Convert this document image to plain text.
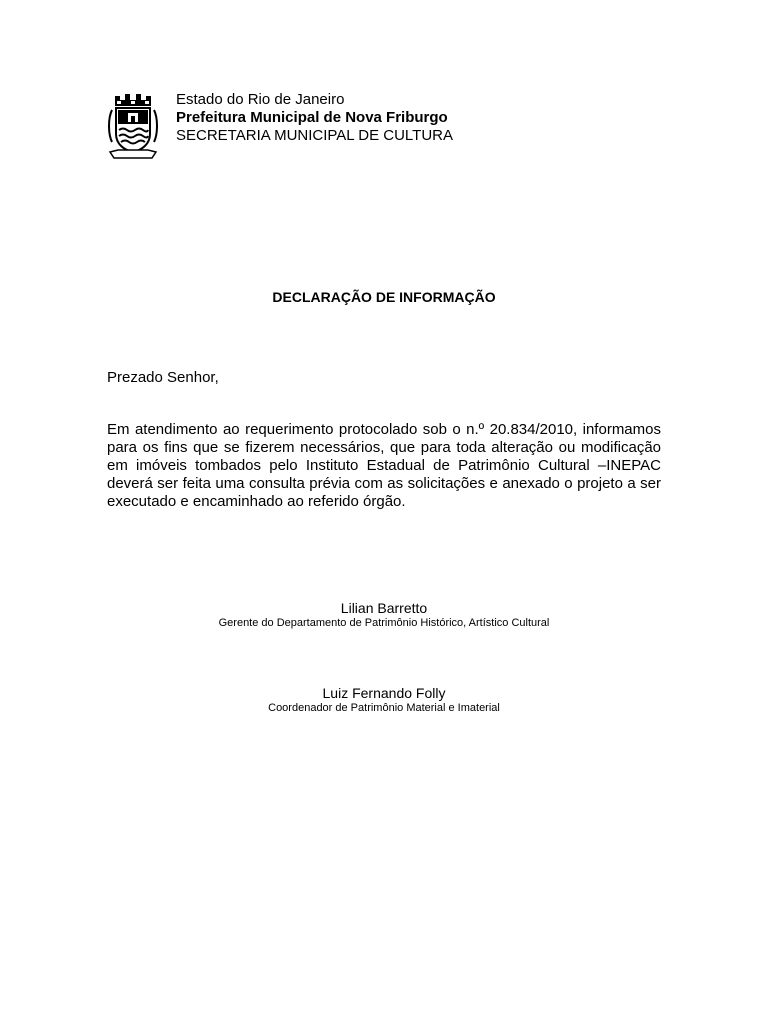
Estado do Rio de Janeiro
Prefeitura Municipal de Nova Friburgo
SECRETARIA MUNICIPAL DE CULTURA
DECLARAÇÃO DE INFORMAÇÃO
Prezado Senhor,
Em atendimento ao requerimento protocolado sob o n.º 20.834/2010, informamos para os fins que se fizerem necessários, que para toda alteração ou modificação em imóveis tombados pelo Instituto Estadual de Patrimônio Cultural –INEPAC deverá ser feita uma consulta prévia com as solicitações e anexado o projeto a ser executado e encaminhado ao referido órgão.
Lilian Barretto
Gerente do Departamento de Patrimônio Histórico, Artístico Cultural
Luiz Fernando Folly
Coordenador de Patrimônio Material e Imaterial
